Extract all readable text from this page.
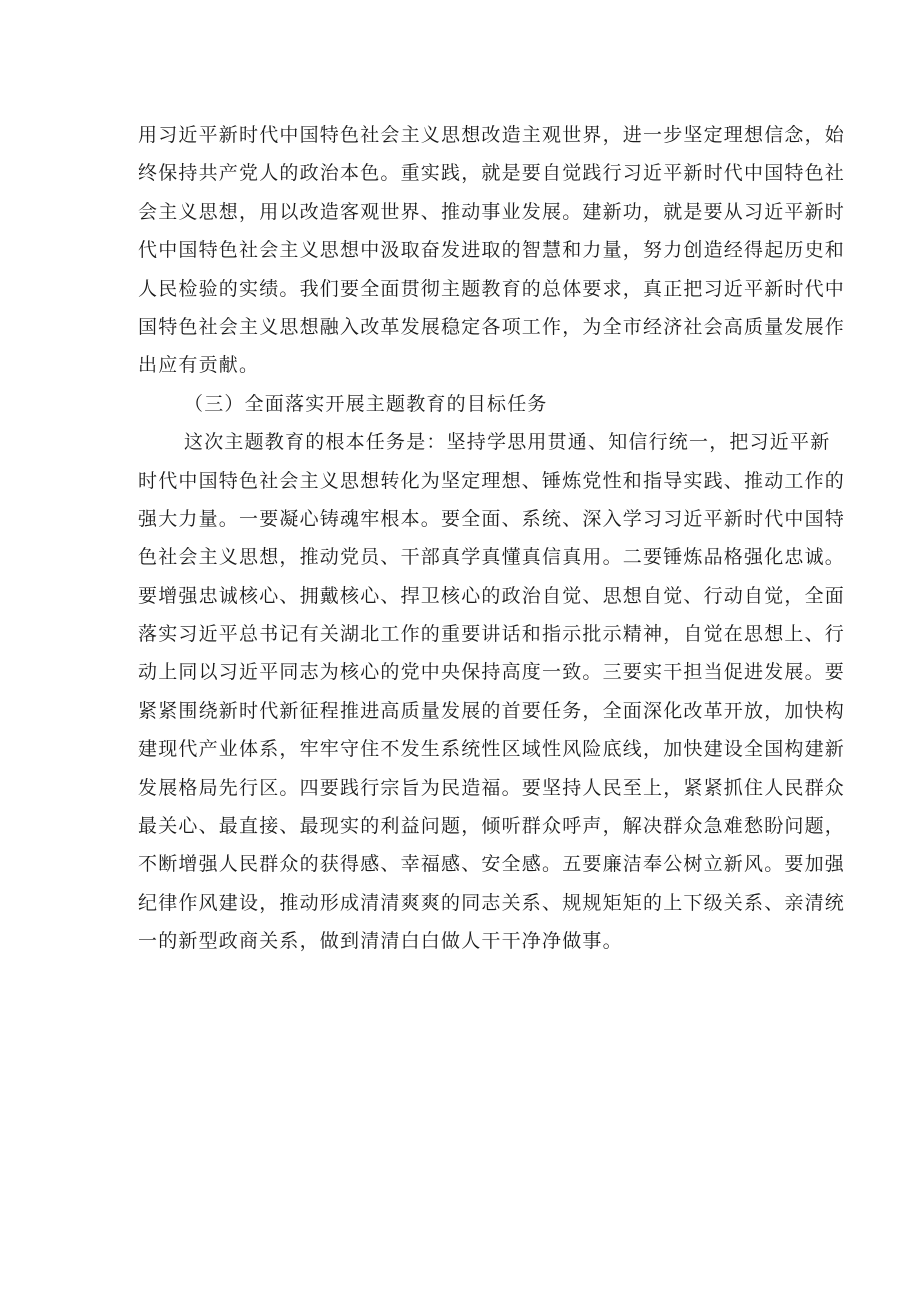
用习近平新时代中国特色社会主义思想改造主观世界，进一步坚定理想信念，始
终保持共产党人的政治本色。重实践，就是要自觉践行习近平新时代中国特色社
会主义思想，用以改造客观世界、推动事业发展。建新功，就是要从习近平新时
代中国特色社会主义思想中汲取奋发进取的智慧和力量，努力创造经得起历史和
人民检验的实绩。我们要全面贯彻主题教育的总体要求，真正把习近平新时代中
国特色社会主义思想融入改革发展稳定各项工作，为全市经济社会高质量发展作
出应有贡献。
（三）全面落实开展主题教育的目标任务
这次主题教育的根本任务是：坚持学思用贯通、知信行统一，把习近平新
时代中国特色社会主义思想转化为坚定理想、锤炼党性和指导实践、推动工作的
强大力量。一要凝心铸魂牢根本。要全面、系统、深入学习习近平新时代中国特
色社会主义思想，推动党员、干部真学真懂真信真用。二要锤炼品格强化忠诚。
要增强忠诚核心、拥戴核心、捍卫核心的政治自觉、思想自觉、行动自觉，全面
落实习近平总书记有关湖北工作的重要讲话和指示批示精神，自觉在思想上、行
动上同以习近平同志为核心的党中央保持高度一致。三要实干担当促进发展。要
紧紧围绕新时代新征程推进高质量发展的首要任务，全面深化改革开放，加快构
建现代产业体系，牢牢守住不发生系统性区域性风险底线，加快建设全国构建新
发展格局先行区。四要践行宗旨为民造福。要坚持人民至上，紧紧抓住人民群众
最关心、最直接、最现实的利益问题，倾听群众呼声，解决群众急难愁盼问题，
不断增强人民群众的获得感、幸福感、安全感。五要廉洁奉公树立新风。要加强
纪律作风建设，推动形成清清爽爽的同志关系、规规矩矩的上下级关系、亲清统
一的新型政商关系，做到清清白白做人干干净净做事。
